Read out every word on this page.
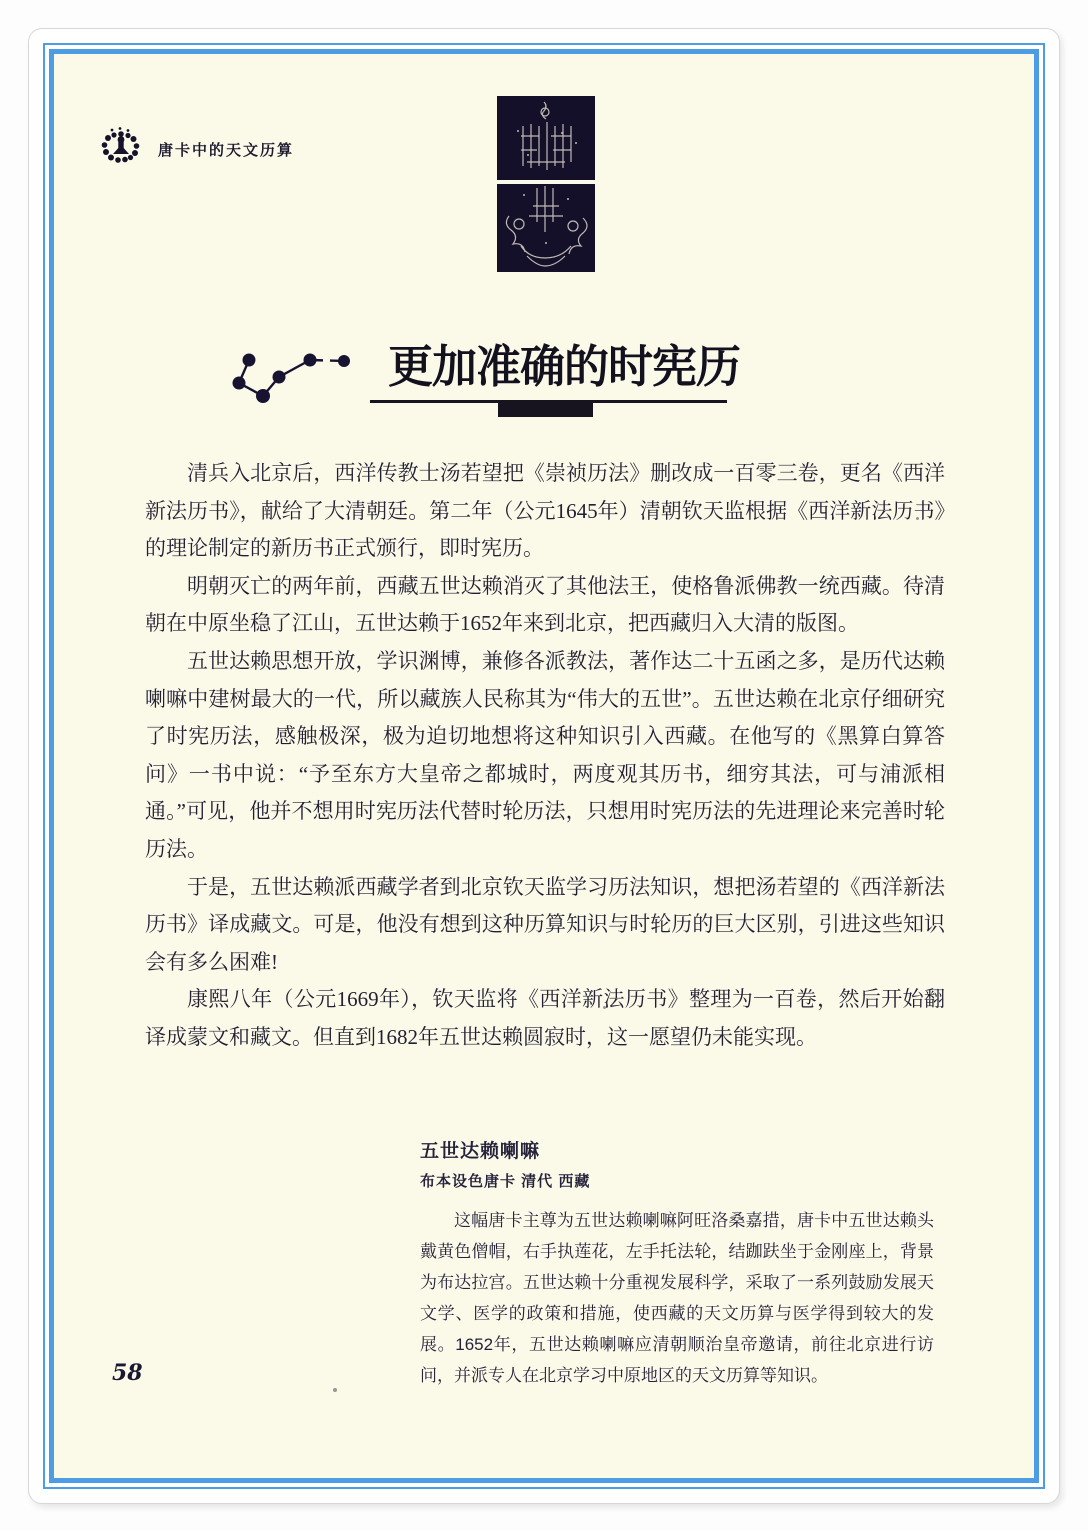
唐卡中的天文历算
更加准确的时宪历

清兵入北京后，西洋传教士汤若望把《崇祯历法》删改成一百零三卷，更名《西洋新法历书》，献给了大清朝廷。第二年（公元1645年）清朝钦天监根据《西洋新法历书》的理论制定的新历书正式颁行，即时宪历。

明朝灭亡的两年前，西藏五世达赖消灭了其他法王，使格鲁派佛教一统西藏。待清朝在中原坐稳了江山，五世达赖于1652年来到北京，把西藏归入大清的版图。

五世达赖思想开放，学识渊博，兼修各派教法，著作达二十五函之多，是历代达赖喇嘛中建树最大的一代，所以藏族人民称其为“伟大的五世”。五世达赖在北京仔细研究了时宪历法，感触极深，极为迫切地想将这种知识引入西藏。在他写的《黑算白算答问》一书中说：“予至东方大皇帝之都城时，两度观其历书，细穷其法，可与浦派相通。”可见，他并不想用时宪历法代替时轮历法，只想用时宪历法的先进理论来完善时轮历法。

于是，五世达赖派西藏学者到北京钦天监学习历法知识，想把汤若望的《西洋新法历书》译成藏文。可是，他没有想到这种历算知识与时轮历的巨大区别，引进这些知识会有多么困难!

康熙八年（公元1669年），钦天监将《西洋新法历书》整理为一百卷，然后开始翻译成蒙文和藏文。但直到1682年五世达赖圆寂时，这一愿望仍未能实现。

五世达赖喇嘛

布本设色唐卡 清代 西藏

这幅唐卡主尊为五世达赖喇嘛阿旺洛桑嘉措，唐卡中五世达赖头戴黄色僧帽，右手执莲花，左手托法轮，结跏趺坐于金刚座上，背景为布达拉宫。五世达赖十分重视发展科学，采取了一系列鼓励发展天文学、医学的政策和措施，使西藏的天文历算与医学得到较大的发展。1652年，五世达赖喇嘛应清朝顺治皇帝邀请，前往北京进行访问，并派专人在北京学习中原地区的天文历算等知识。

58
